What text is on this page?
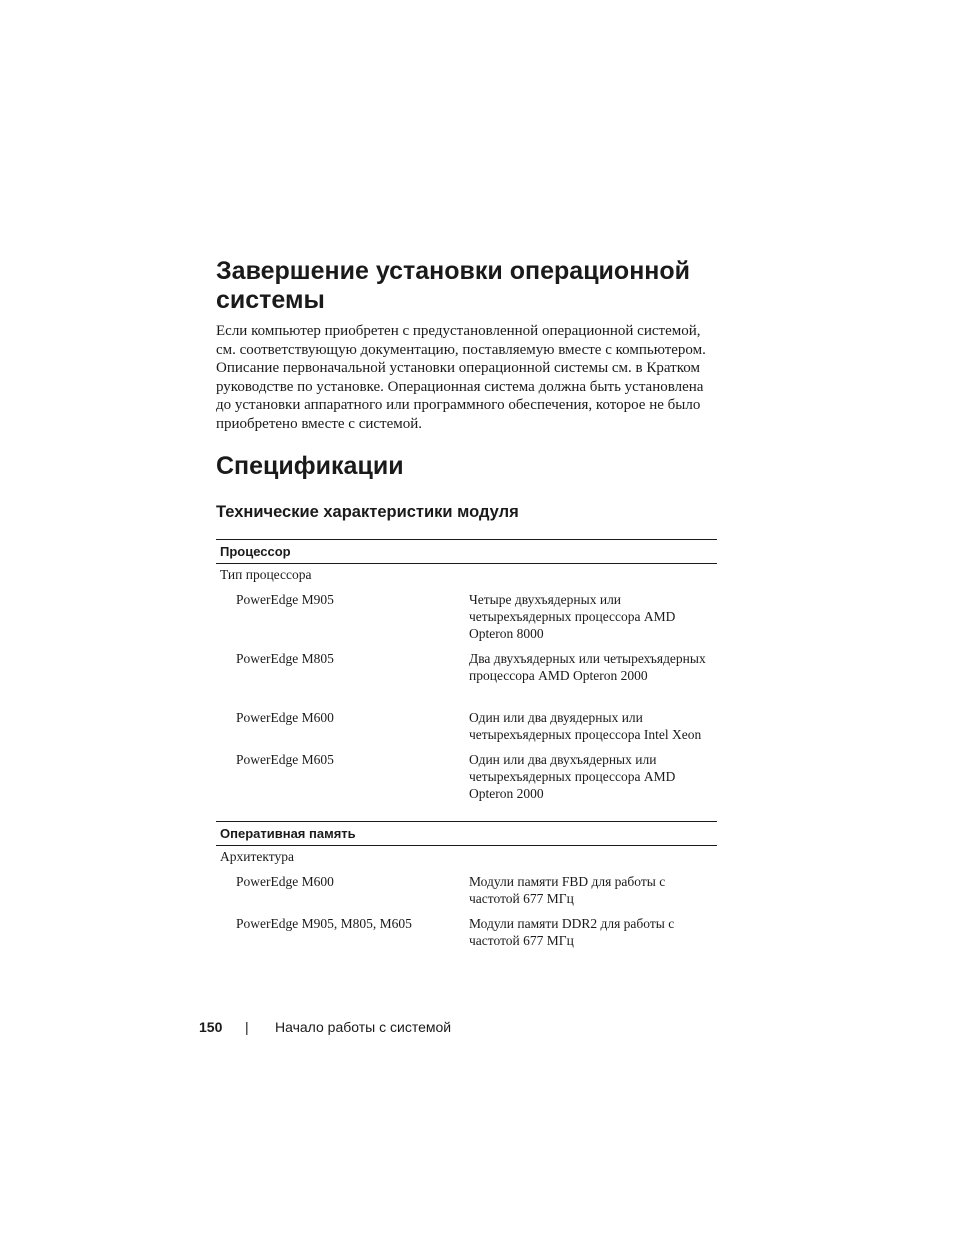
Завершение установки операционной системы

Если компьютер приобретен с предустановленной операционной системой, см. соответствующую документацию, поставляемую вместе с компьютером. Описание первоначальной установки операционной системы см. в Кратком руководстве по установке. Операционная система должна быть установлена до установки аппаратного или программного обеспечения, которое не было приобретено вместе с системой.

Спецификации
Технические характеристики модуля
Процессор
Тип процессора
PowerEdge M905	Четыре двухъядерных или четырехъядерных процессора AMD Opteron 8000
PowerEdge M805	Два двухъядерных или четырехъядерных процессора AMD Opteron 2000
PowerEdge M600	Один или два двуядерных или четырехъядерных процессора Intel Xeon
PowerEdge M605	Один или два двухъядерных или четырехъядерных процессора AMD Opteron 2000
Оперативная память
Архитектура
PowerEdge M600	Модули памяти FBD для работы с частотой 677 МГц
PowerEdge M905, M805, M605	Модули памяти DDR2 для работы с частотой 677 МГц
150	|	Начало работы с системой
